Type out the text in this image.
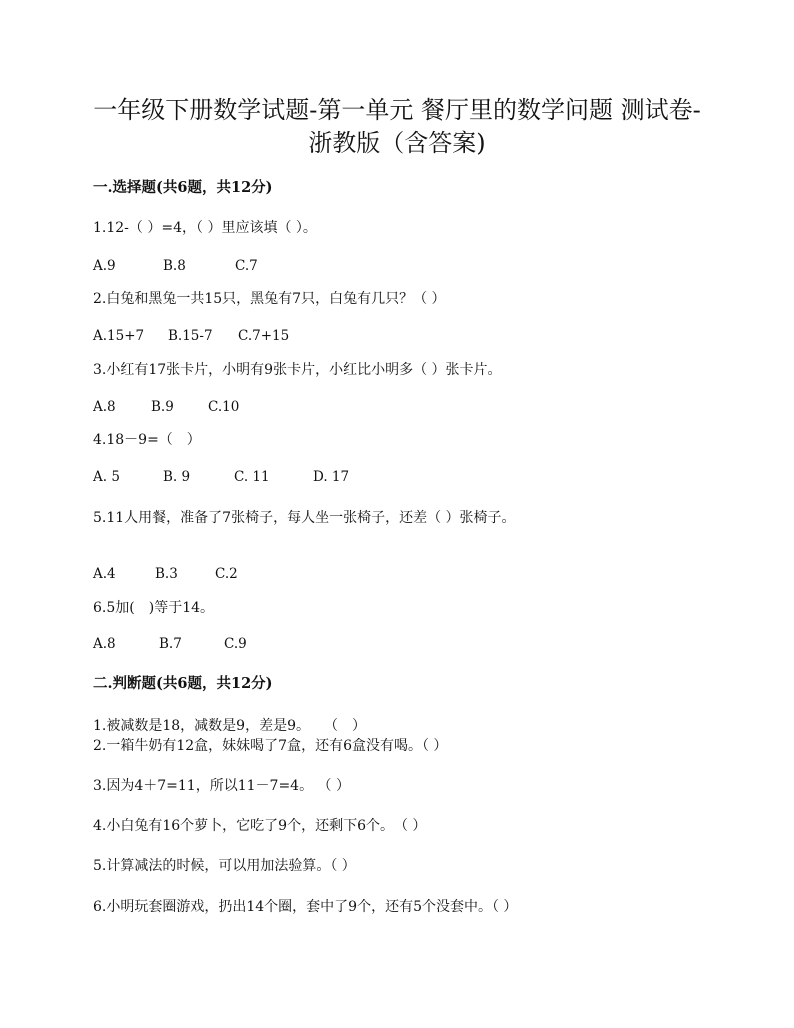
一年级下册数学试题-第一单元 餐厅里的数学问题 测试卷-
浙教版（含答案)
一.选择题(共6题，共12分)
1.12-（ ）=4，（ ）里应该填（ ）。
A.9	B.8	C.7
2.白兔和黑兔一共15只，黑兔有7只，白兔有几只？（ ）
A.15+7 B.15-7 C.7+15
3.小红有17张卡片，小明有9张卡片，小红比小明多（ ）张卡片。
A.8	B.9	C.10
4.18－9=（　）
A. 5	B. 9	C. 11	D. 17
5.11人用餐，准备了7张椅子，每人坐一张椅子，还差（ ）张椅子。
A.4	B.3	C.2
6.5加(　)等于14。
A.8	B.7	C.9
二.判断题(共6题，共12分)
1.被减数是18，减数是9，差是9。　　（　）
2.一箱牛奶有12盒，妹妹喝了7盒，还有6盒没有喝。（ ）
3.因为4＋7=11，所以11－7=4。 （ ）
4.小白兔有16个萝卜，它吃了9个，还剩下6个。　（ ）
5.计算减法的时候，可以用加法验算。（ ）
6.小明玩套圈游戏，扔出14个圈，套中了9个，还有5个没套中。（ ）
